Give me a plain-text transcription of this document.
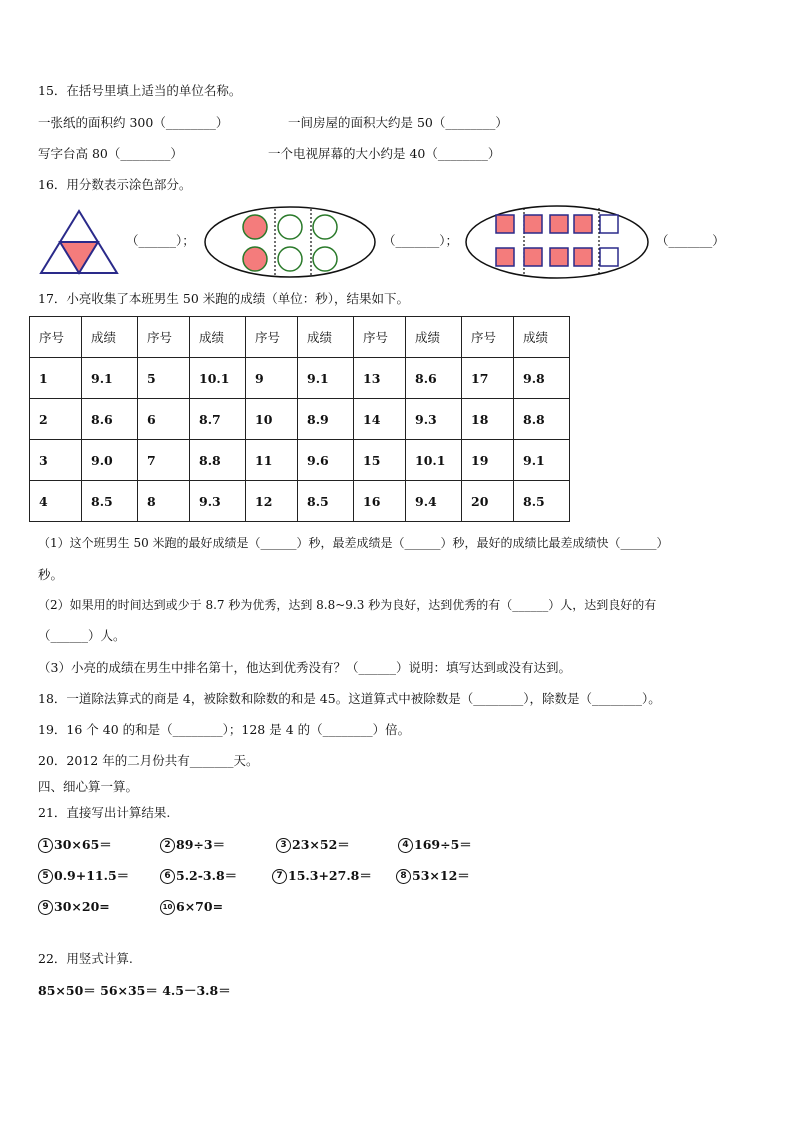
15．在括号里填上适当的单位名称。
一张纸的面积约 300（________）	一间房屋的面积大约是 50（________）
写字台高 80（________）	一个电视屏幕的大小约是 40（________）
16．用分数表示涂色部分。
（______）；	（_______）；	（_______）
17．小亮收集了本班男生 50 米跑的成绩（单位：秒），结果如下。
序号	成绩	序号	成绩	序号	成绩	序号	成绩	序号	成绩
1	9.1	5	10.1	9	9.1	13	8.6	17	9.8
2	8.6	6	8.7	10	8.9	14	9.3	18	8.8
3	9.0	7	8.8	11	9.6	15	10.1	19	9.1
4	8.5	8	9.3	12	8.5	16	9.4	20	8.5
（1）这个班男生 50 米跑的最好成绩是（______）秒，最差成绩是（______）秒，最好的成绩比最差成绩快（______）
秒。
（2）如果用的时间达到或少于 8.7 秒为优秀，达到 8.8~9.3 秒为良好，达到优秀的有（______）人，达到良好的有
（______）人。
（3）小亮的成绩在男生中排名第十，他达到优秀没有？（______）说明：填写达到或没有达到。
18．一道除法算式的商是 4，被除数和除数的和是 45。这道算式中被除数是（________），除数是（________）。
19．16 个 40 的和是（________）；128 是 4 的（________）倍。
20．2012 年的二月份共有_______天。
四、细心算一算。
21．直接写出计算结果.
1 30×65＝	2 89÷3＝	3 23×52＝	4 169÷5＝
5 0.9+11.5＝	6 5.2-3.8＝	7 15.3+27.8＝	8 53×12＝
9 30×20=	10 6×70=
22．用竖式计算.
85×50＝ 56×35＝ 4.5－3.8＝
